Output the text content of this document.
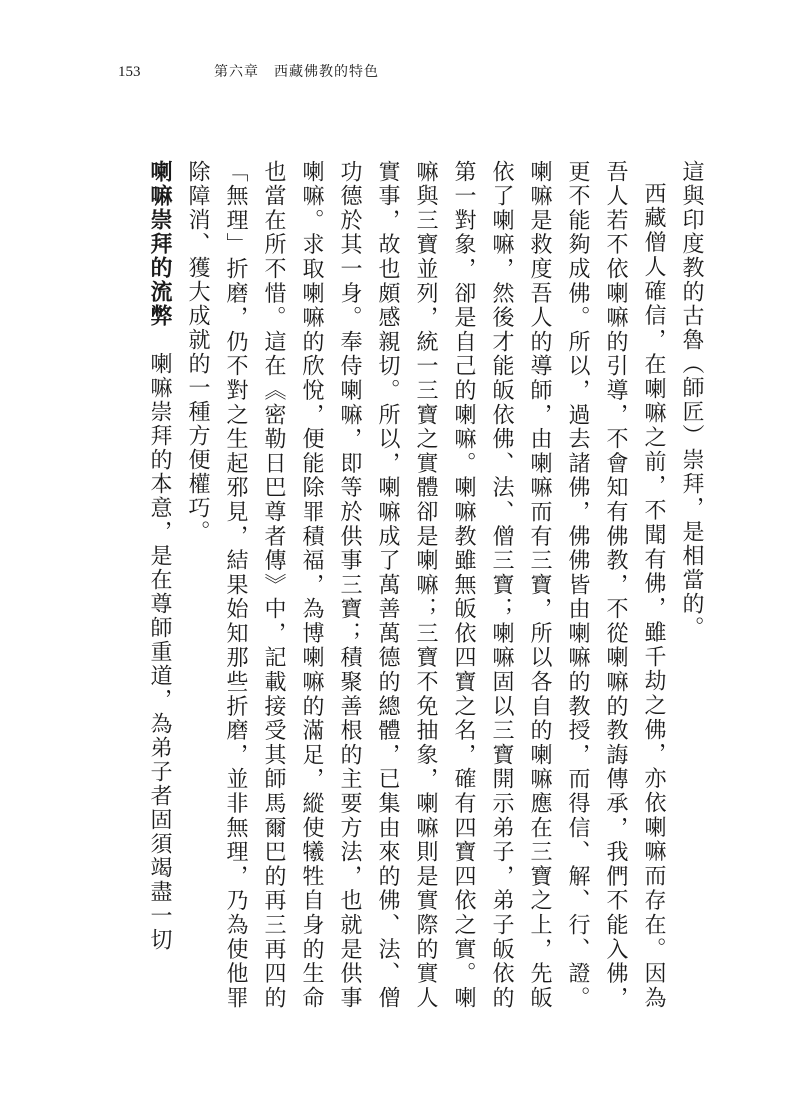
153	第六章　西藏佛教的特色

這與印度教的古魯（師匠）崇拜，是相當的。

西藏僧人確信，在喇嘛之前，不聞有佛，雖千劫之佛，亦依喇嘛而存在。因為吾人若不依喇嘛的引導，不會知有佛教，不從喇嘛的教誨傳承，我們不能入佛，更不能夠成佛。所以，過去諸佛，佛佛皆由喇嘛的教授，而得信、解、行、證。喇嘛是救度吾人的導師，由喇嘛而有三寶，所以各自的喇嘛應在三寶之上，先皈依了喇嘛，然後才能皈依佛、法、僧三寶；喇嘛固以三寶開示弟子，弟子皈依的第一對象，卻是自己的喇嘛。喇嘛教雖無皈依四寶之名，確有四寶四依之實。喇嘛與三寶並列，統一三寶之實體卻是喇嘛；三寶不免抽象，喇嘛則是實際的實人實事，故也頗感親切。所以，喇嘛成了萬善萬德的總體，已集由來的佛、法、僧功德於其一身。奉侍喇嘛，即等於供事三寶；積聚善根的主要方法，也就是供事喇嘛。求取喇嘛的欣悅，便能除罪積福，為博喇嘛的滿足，縱使犧牲自身的生命也當在所不惜。這在《密勒日巴尊者傳》中，記載接受其師馬爾巴的再三再四的「無理」折磨，仍不對之生起邪見，結果始知那些折磨，並非無理，乃為使他罪除障消、獲大成就的一種方便權巧。

喇嘛崇拜的流弊　喇嘛崇拜的本意，是在尊師重道，為弟子者固須竭盡一切
